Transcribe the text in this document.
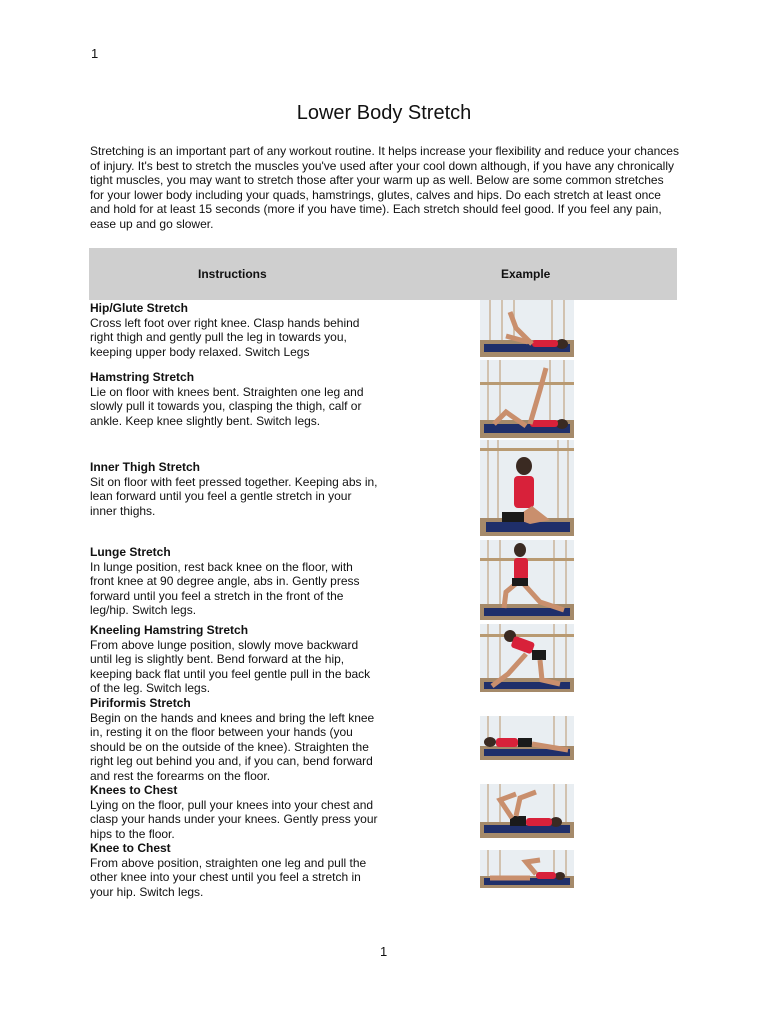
1
Lower Body Stretch
Stretching is an important part of any workout routine. It helps increase your flexibility and reduce your chances of injury. It's best to stretch the muscles you've used after your cool down although, if you have any chronically tight muscles, you may want to stretch those after your warm up as well. Below are some common stretches for your lower body including your quads, hamstrings, glutes, calves and hips. Do each stretch at least once and hold for at least 15 seconds (more if you have time). Each stretch should feel good. If you feel any pain, ease up and go slower.
Instructions	Example
Hip/Glute Stretch
Cross left foot over right knee. Clasp hands behind right thigh and gently pull the leg in towards you, keeping upper body relaxed. Switch Legs
Hamstring Stretch
Lie on floor with knees bent. Straighten one leg and slowly pull it towards you, clasping the thigh, calf or ankle. Keep knee slightly bent. Switch legs.
Inner Thigh Stretch
Sit on floor with feet pressed together. Keeping abs in, lean forward until you feel a gentle stretch in your inner thighs.
Lunge Stretch
In lunge position, rest back knee on the floor, with front knee at 90 degree angle, abs in. Gently press forward until you feel a stretch in the front of the leg/hip. Switch legs.
Kneeling Hamstring Stretch
From above lunge position, slowly move backward until leg is slightly bent. Bend forward at the hip, keeping back flat until you feel gentle pull in the back of the leg. Switch legs.
Piriformis Stretch
Begin on the hands and knees and bring the left knee in, resting it on the floor between your hands (you should be on the outside of the knee). Straighten the right leg out behind you and, if you can, bend forward and rest the forearms on the floor.
Knees to Chest
Lying on the floor, pull your knees into your chest and clasp your hands under your knees. Gently press your hips to the floor.
Knee to Chest
From above position, straighten one leg and pull the other knee into your chest until you feel a stretch in your hip. Switch legs.
1
